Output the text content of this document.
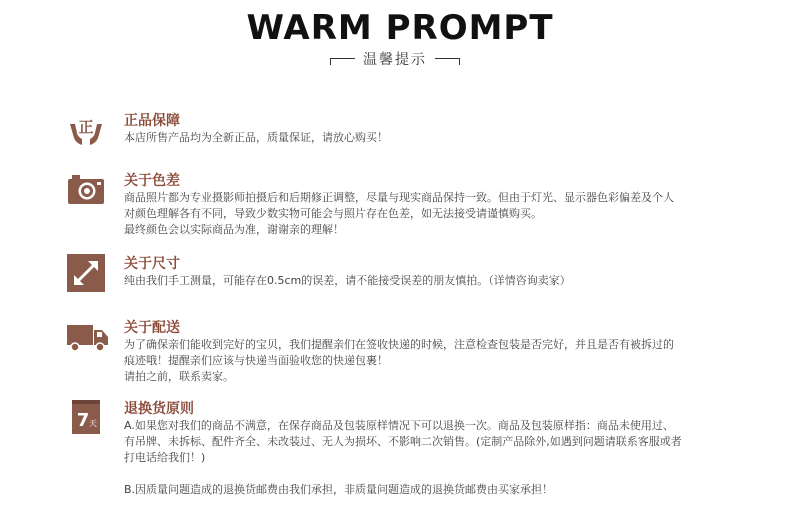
WARM PROMPT
温馨提示
正 正品保障

本店所售产品均为全新正品，质量保证，请放心购买！

关于色差

商品照片都为专业摄影师拍摄后和后期修正调整，尽量与现实商品保持一致。但由于灯光、显示器色彩偏差及个人

对颜色理解各有不同，导致少数实物可能会与照片存在色差，如无法接受请谨慎购买。

最终颜色会以实际商品为准，谢谢亲的理解！

关于尺寸

纯由我们手工测量，可能存在0.5cm的误差，请不能接受误差的朋友慎拍。（详情咨询卖家）

关于配送

为了确保亲们能收到完好的宝贝，我们提醒亲们在签收快递的时候，注意检查包装是否完好，并且是否有被拆过的

痕迹哦！提醒亲们应该与快递当面验收您的快递包裹！

请拍之前，联系卖家。

7 天
退换货原则

A.如果您对我们的商品不满意，在保存商品及包装原样情况下可以退换一次。商品及包装原样指：商品未使用过、

有吊牌、未拆标、配件齐全、未改装过、无人为损坏、不影响二次销售。(定制产品除外,如遇到问题请联系客服或者

打电话给我们！)

B.因质量问题造成的退换货邮费由我们承担，非质量问题造成的退换货邮费由买家承担！
